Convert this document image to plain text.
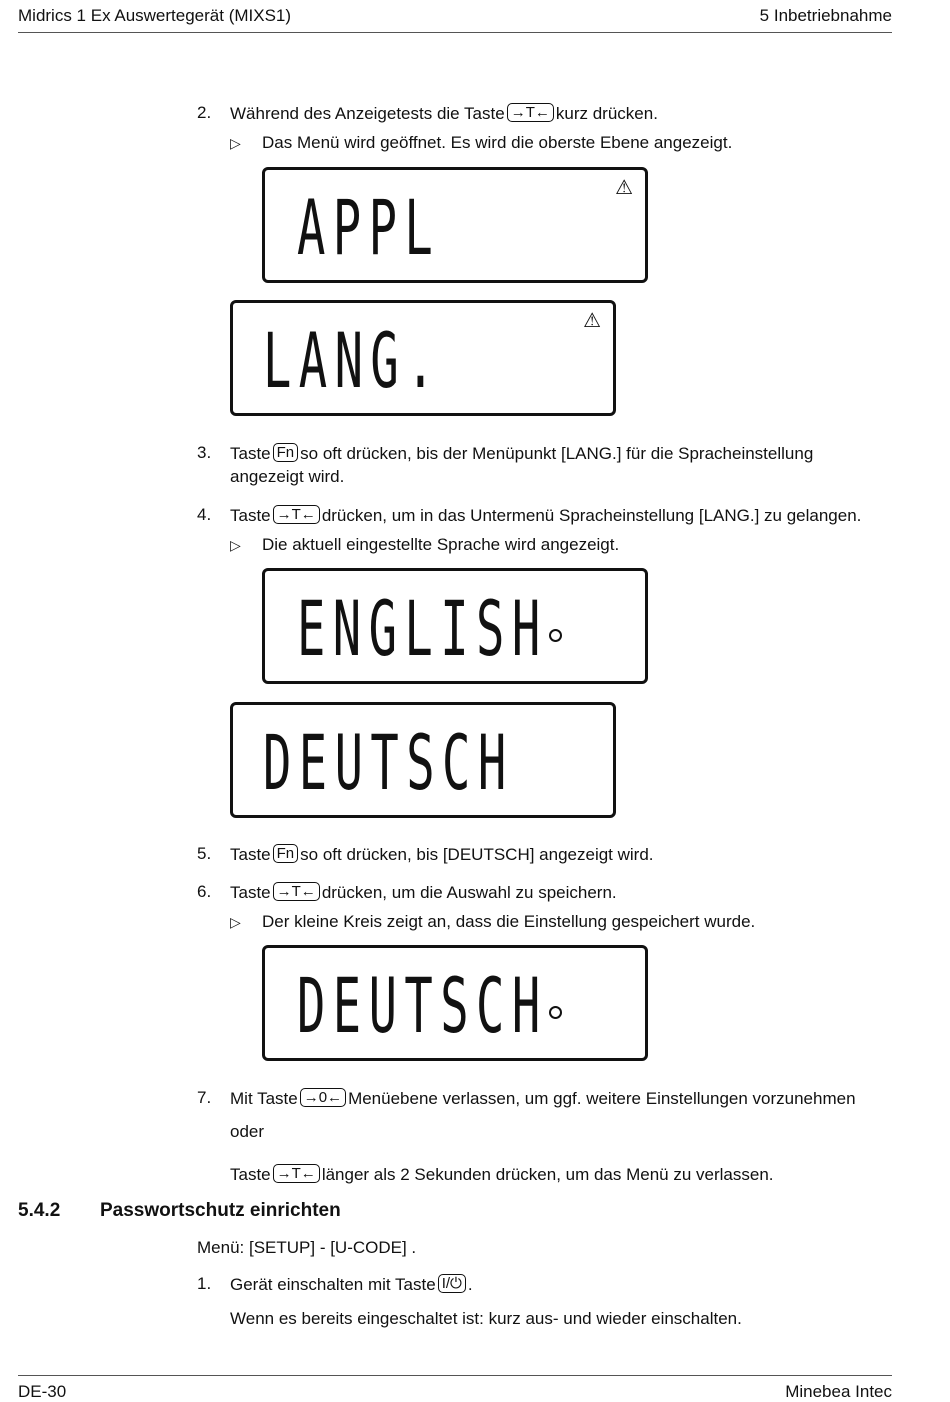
Midrics 1 Ex Auswertegerät (MIXS1)	5 Inbetriebnahme
2. Während des Anzeigetests die Taste →T← kurz drücken.
▷ Das Menü wird geöffnet. Es wird die oberste Ebene angezeigt.
APPL	⚠
LANG.	⚠
3. Taste Fn so oft drücken, bis der Menüpunkt [LANG.] für die Spracheinstellung
angezeigt wird.
4. Taste →T← drücken, um in das Untermenü Spracheinstellung [LANG.] zu gelangen.
▷ Die aktuell eingestellte Sprache wird angezeigt.
ENGLISH
DEUTSCH
5. Taste Fn so oft drücken, bis [DEUTSCH] angezeigt wird.
6. Taste →T← drücken, um die Auswahl zu speichern.
▷ Der kleine Kreis zeigt an, dass die Einstellung gespeichert wurde.
DEUTSCH
7. Mit Taste →0← Menüebene verlassen, um ggf. weitere Einstellungen vorzunehmen
oder
Taste →T← länger als 2 Sekunden drücken, um das Menü zu verlassen.
5.4.2 Passwortschutz einrichten
Menü: [SETUP] - [U-CODE] .
1. Gerät einschalten mit Taste I/⏻ .
Wenn es bereits eingeschaltet ist: kurz aus- und wieder einschalten.
DE-30	Minebea Intec
